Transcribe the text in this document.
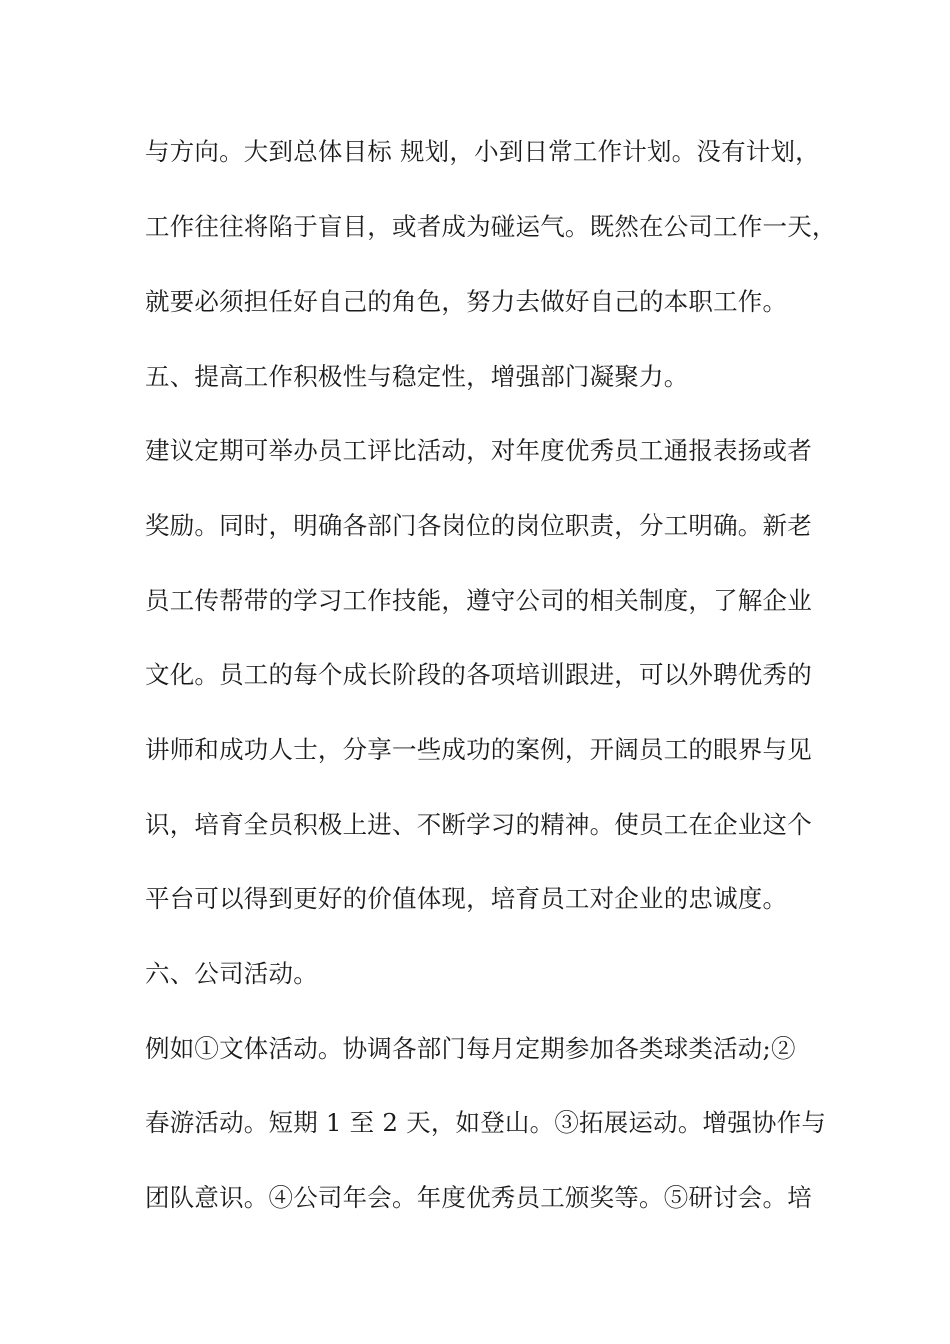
与方向。大到总体目标 规划，小到日常工作计划。没有计划，

工作往往将陷于盲目，或者成为碰运气。既然在公司工作一天，

就要必须担任好自己的角色，努力去做好自己的本职工作。

五、提高工作积极性与稳定性，增强部门凝聚力。

建议定期可举办员工评比活动，对年度优秀员工通报表扬或者

奖励。同时，明确各部门各岗位的岗位职责，分工明确。新老

员工传帮带的学习工作技能，遵守公司的相关制度，了解企业

文化。员工的每个成长阶段的各项培训跟进，可以外聘优秀的

讲师和成功人士，分享一些成功的案例，开阔员工的眼界与见

识，培育全员积极上进、不断学习的精神。使员工在企业这个

平台可以得到更好的价值体现，培育员工对企业的忠诚度。

六、公司活动。

例如①文体活动。协调各部门每月定期参加各类球类活动;②

春游活动。短期 1 至 2 天，如登山。③拓展运动。增强协作与

团队意识。④公司年会。年度优秀员工颁奖等。⑤研讨会。培
